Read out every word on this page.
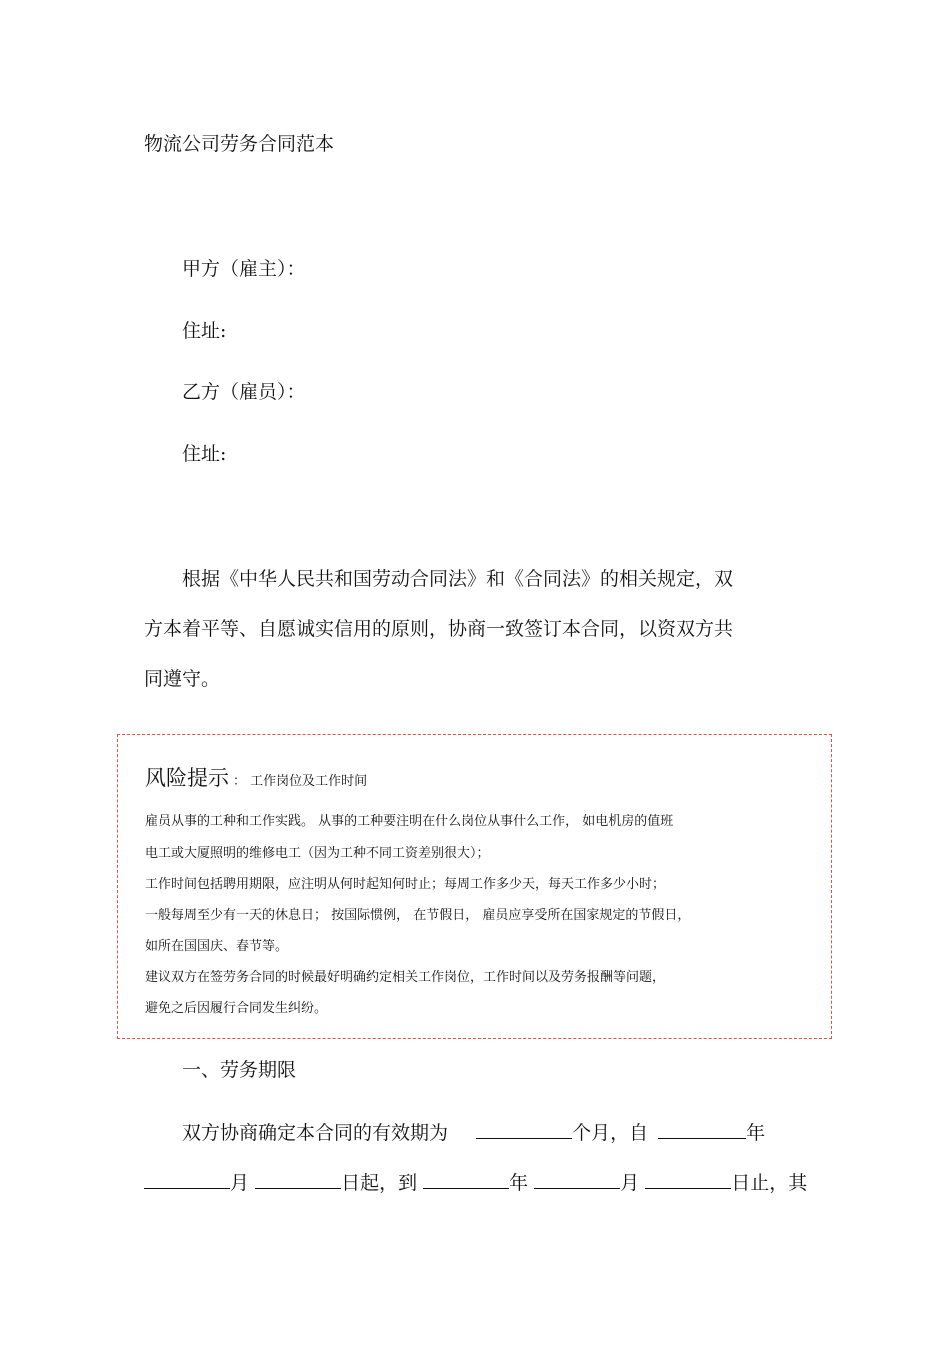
物流公司劳务合同范本
甲方（雇主）：
住址:
乙方（雇员）：
住址:
根据《中华人民共和国劳动合同法》和《合同法》的相关规定，双
方本着平等、自愿诚实信用的原则，协商一致签订本合同，以资双方共
同遵守。
风险提示 ： 工作岗位及工作时间
雇员从事的工种和工作实践。 从事的工种要注明在什么岗位从事什么工作， 如电机房的值班
电工或大厦照明的维修电工（因为工种不同工资差别很大）；
工作时间包括聘用期限，应注明从何时起知何时止；每周工作多少天，每天工作多少小时；
一般每周至少有一天的休息日； 按国际惯例， 在节假日， 雇员应享受所在国家规定的节假日，
如所在国国庆、春节等。
建议双方在签劳务合同的时候最好明确约定相关工作岗位，工作时间以及劳务报酬等问题，
避免之后因履行合同发生纠纷。
一、劳务期限
双方协商确定本合同的有效期为	个月，自	年
月	日起，到	年	月	日止，其
